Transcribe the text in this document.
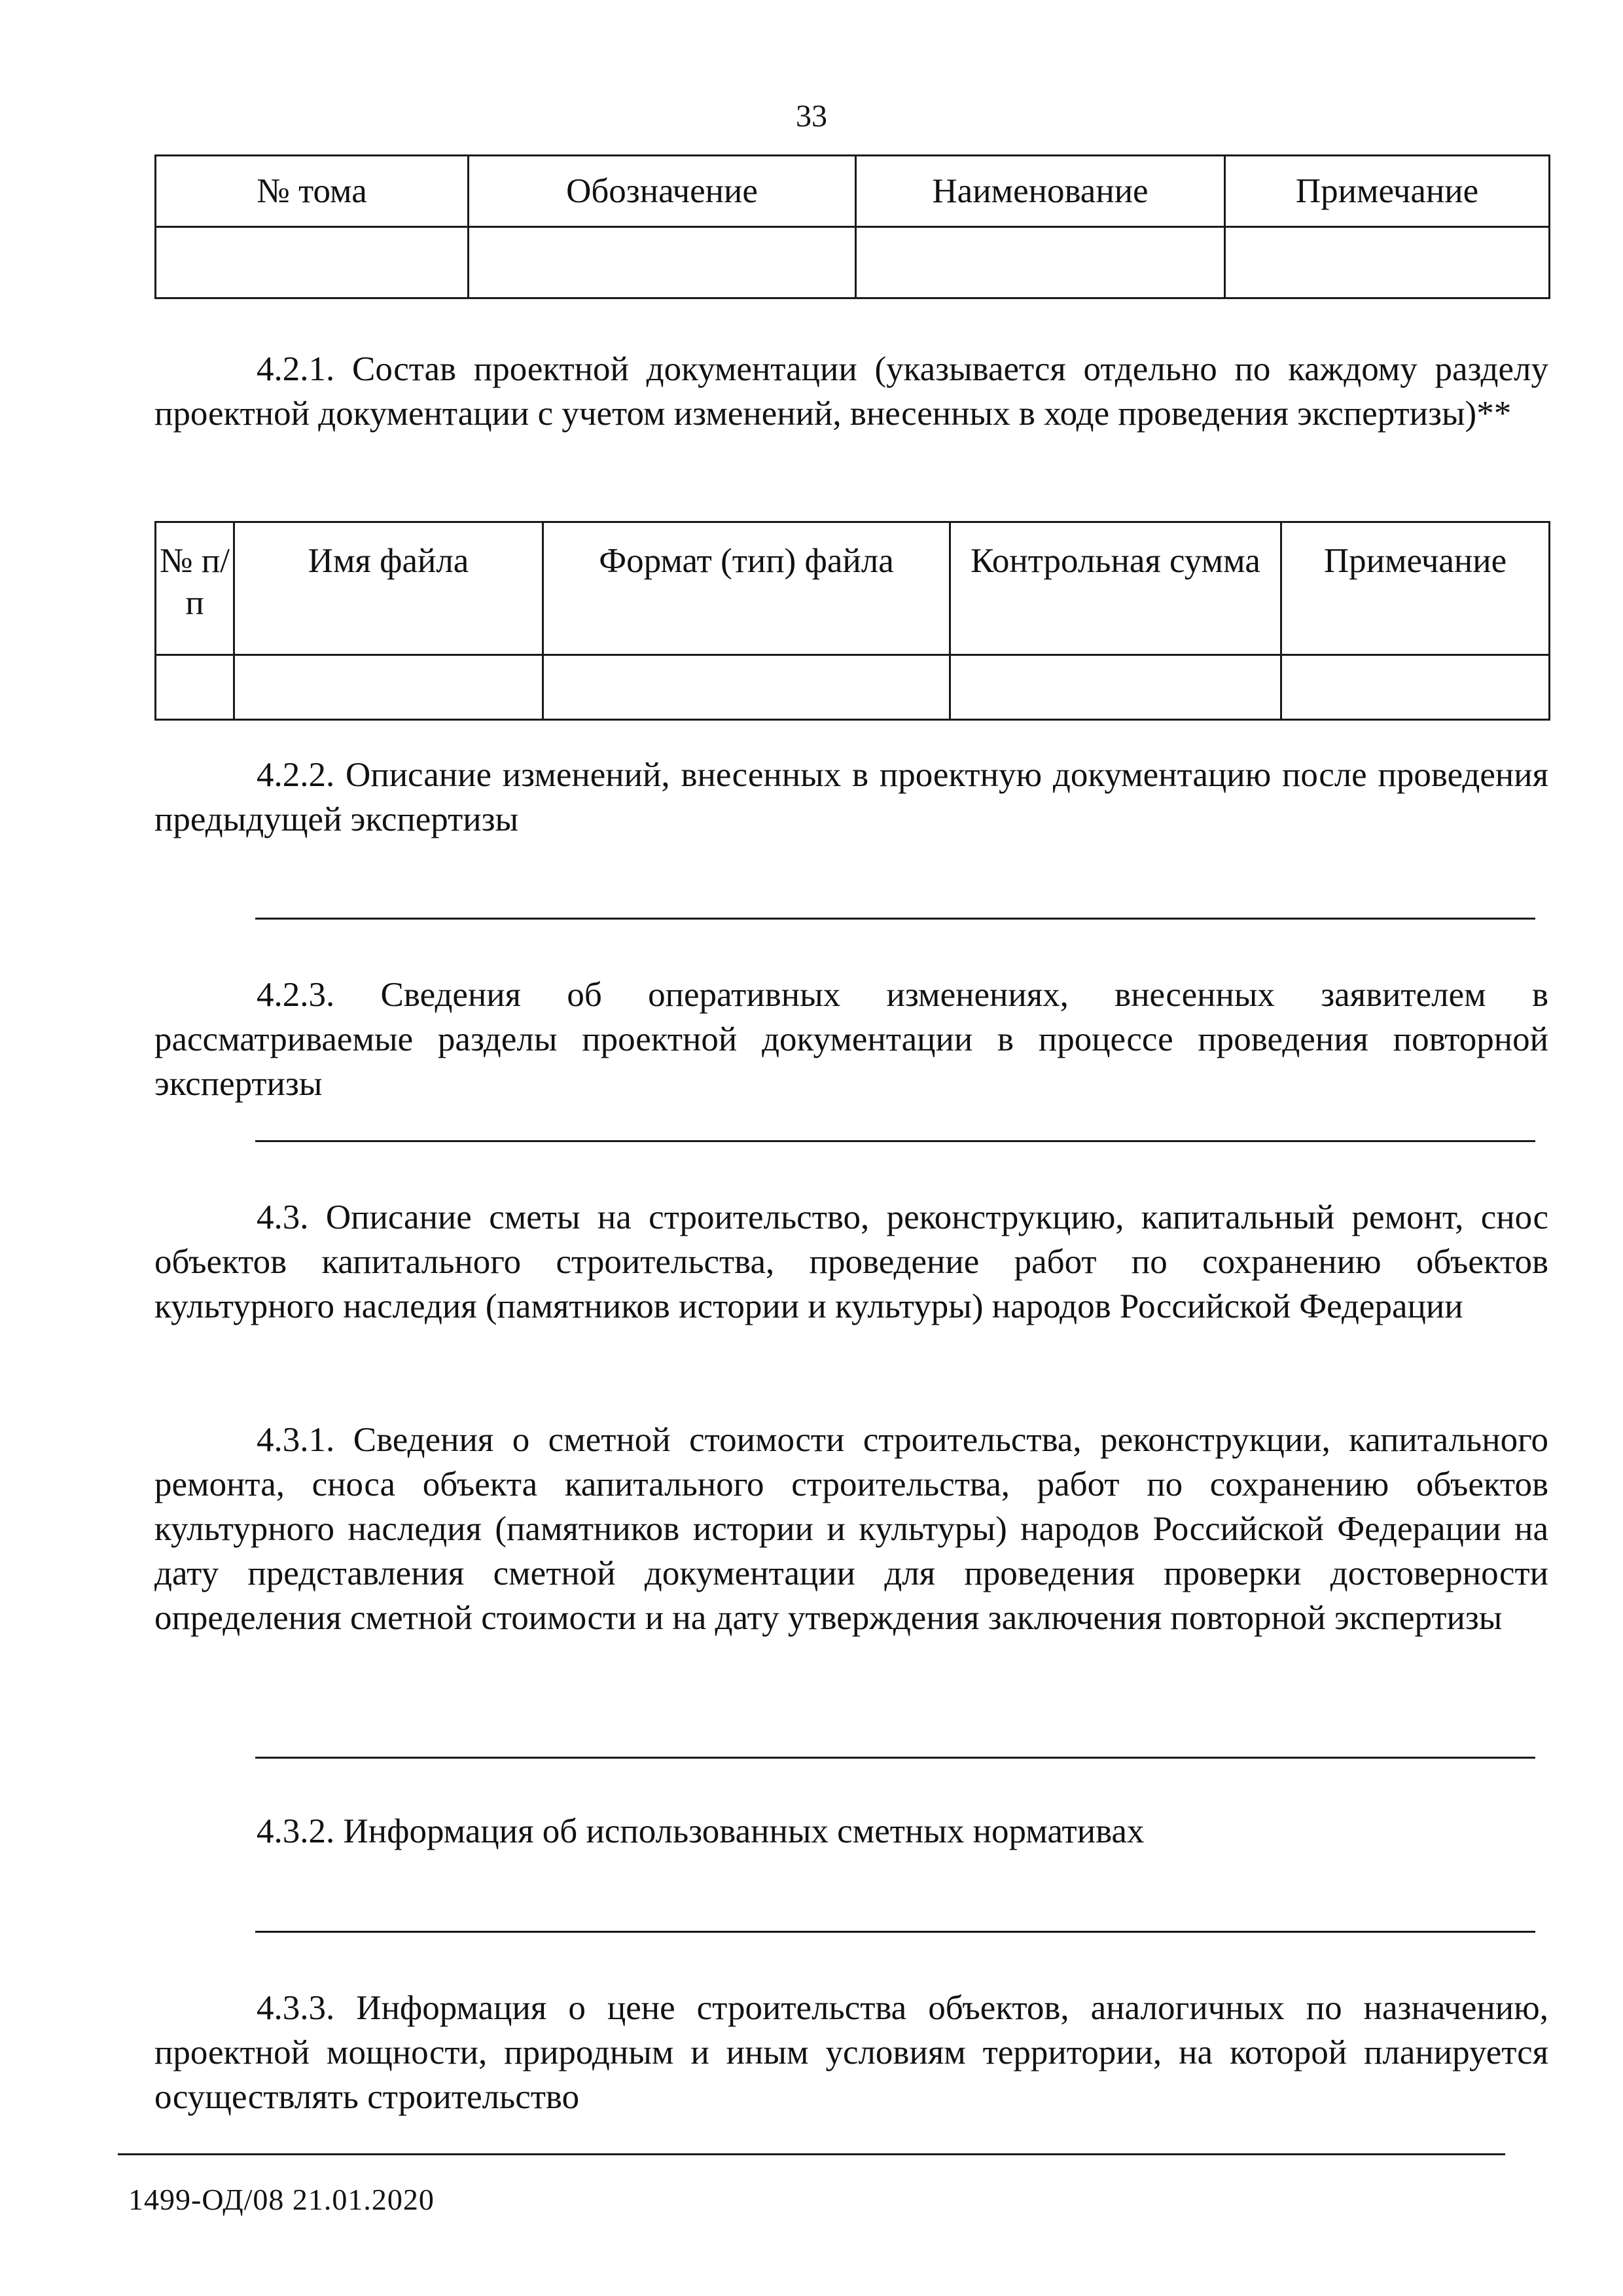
33
№ тома	Обозначение	Наименование	Примечание

4.2.1. Состав проектной документации (указывается отдельно по каждому разделу проектной документации с учетом изменений, внесенных в ходе проведения экспертизы)**

№ п/п	Имя файла	Формат (тип) файла	Контрольная сумма	Примечание

4.2.2. Описание изменений, внесенных в проектную документацию после проведения предыдущей экспертизы

4.2.3. Сведения об оперативных изменениях, внесенных заявителем в рассматриваемые разделы проектной документации в процессе проведения повторной экспертизы

4.3. Описание сметы на строительство, реконструкцию, капитальный ремонт, снос объектов капитального строительства, проведение работ по сохранению объектов культурного наследия (памятников истории и культуры) народов Российской Федерации

4.3.1. Сведения о сметной стоимости строительства, реконструкции, капитального ремонта, сноса объекта капитального строительства, работ по сохранению объектов культурного наследия (памятников истории и культуры) народов Российской Федерации на дату представления сметной документации для проведения проверки достоверности определения сметной стоимости и на дату утверждения заключения повторной экспертизы

4.3.2. Информация об использованных сметных нормативах

4.3.3. Информация о цене строительства объектов, аналогичных по назначению, проектной мощности, природным и иным условиям территории, на которой планируется осуществлять строительство

1499-ОД/08 21.01.2020
